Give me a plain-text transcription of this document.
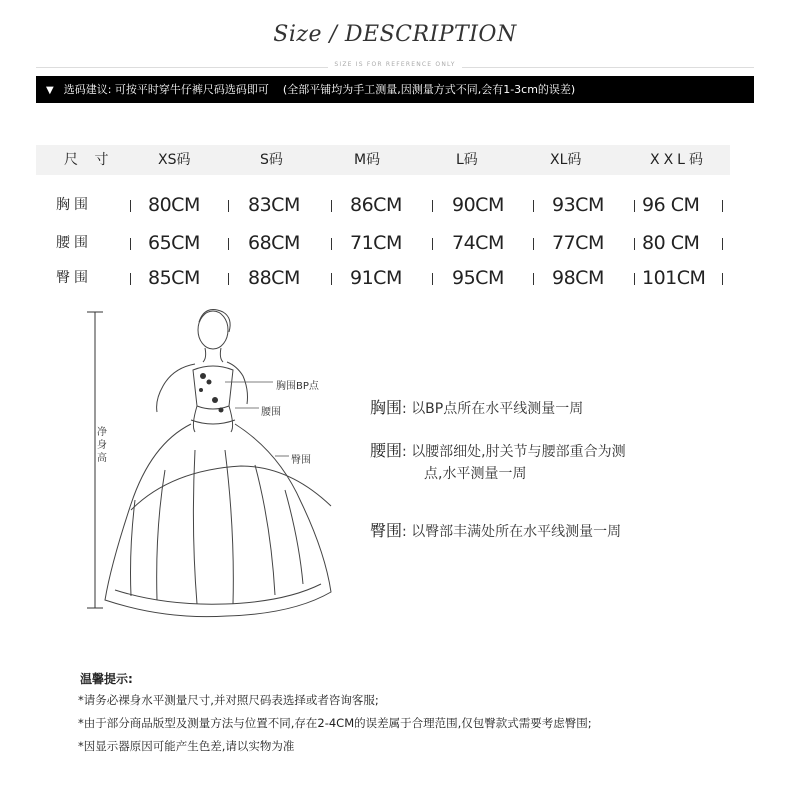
Size / DESCRIPTION
SIZE IS FOR REFERENCE ONLY
▼ 选码建议: 可按平时穿牛仔裤尺码选码即可 (全部平铺均为手工测量,因测量方式不同,会有1-3cm的误差)
尺 寸	XS码	S码	M码	L码	XL码	XXL码
胸围	80CM	83CM	86CM	90CM	93CM 96 CM
腰围	65CM	68CM	71CM	74CM	77CM 80 CM
臀围	85CM	88CM	91CM	95CM	98CM 101CM
净身高
胸围BP点
腰围
臀围
胸围: 以BP点所在水平线测量一周
腰围: 以腰部细处,肘关节与腰部重合为测
点,水平测量一周
臀围: 以臀部丰满处所在水平线测量一周
温馨提示:
*请务必裸身水平测量尺寸,并对照尺码表选择或者咨询客服;
*由于部分商品版型及测量方法与位置不同,存在2-4CM的误差属于合理范围,仅包臀款式需要考虑臀围;
*因显示器原因可能产生色差,请以实物为准
